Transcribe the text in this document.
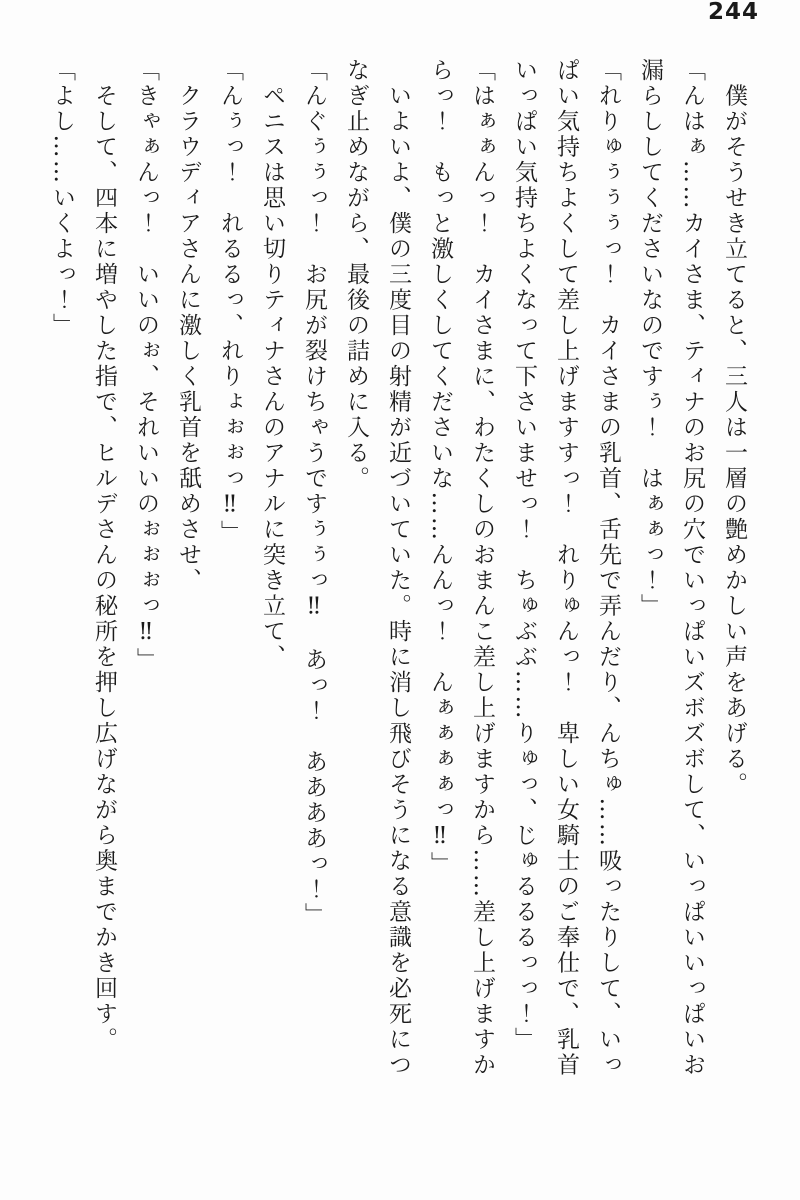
244

　僕がそうせき立てると、三人は一層の艶めかしい声をあげる。

「んはぁ……カイさま、ティナのお尻の穴でいっぱいズボズボして、いっぱいいっぱいお漏らししてくださいなのですぅ！　はぁぁっ！」

「れりゅぅぅぅっ！　カイさまの乳首、舌先で弄んだり、んちゅ……吸ったりして、いっぱい気持ちよくして差し上げますすっ！　れりゅんっ！　卑しい女騎士のご奉仕で、乳首いっぱい気持ちよくなって下さいませっ！　ちゅぶぶ……りゅっ、じゅるるるっっ！」

「はぁぁんっ！　カイさまに、わたくしのおまんこ差し上げますから……差し上げますからっ！　もっと激しくしてくださいな……んんっ！　んぁぁぁぁっ‼」

　いよいよ、僕の三度目の射精が近づいていた。時に消し飛びそうになる意識を必死につなぎ止めながら、最後の詰めに入る。

「んぐぅぅっ！　お尻が裂けちゃうですぅぅっ‼　あっ！　ああああっ！」

　ペニスは思い切りティナさんのアナルに突き立て、

「んぅっ！　れるるっ、れりょぉぉっ‼」

　クラウディアさんに激しく乳首を舐めさせ、

「きゃぁんっ！　いいのぉ、それいいのぉぉぉっ‼」

　そして、四本に増やした指で、ヒルデさんの秘所を押し広げながら奥までかき回す。

「よし……いくよっ！」
